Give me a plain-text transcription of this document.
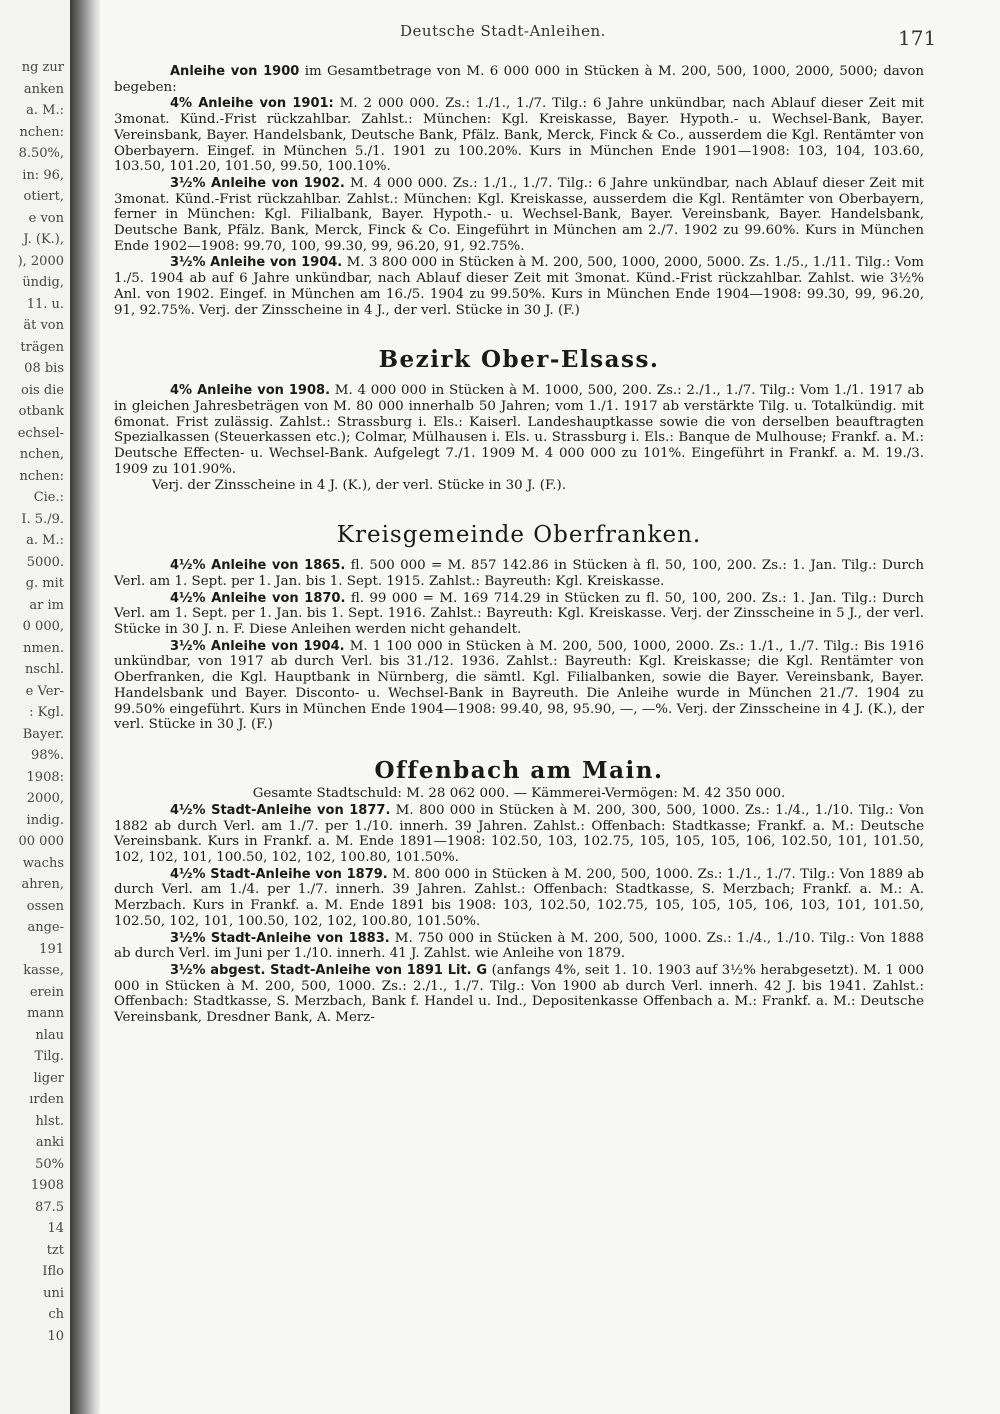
ng zur
anken
a. M.:
nchen:
8.50%,
in: 96,
otiert,
e von
J. (K.),
), 2000
ündig,
11. u.
ät von
trägen
08 bis
ois die
otbank
echsel-
nchen,
nchen:
Cie.:
I. 5./9.
a. M.:
5000.
g. mit
ar im
0 000,
nmen.
nschl.
e Ver-
: Kgl.
Bayer.
98%.
1908:
2000,
indig.
00 000
wachs
ahren,
ossen
ange-
191
kasse,
erein
mann
nlau
Tilg.
liger
ırden
hlst.
anki
50%
1908
87.5
14
tzt
Iflo
uni
ch
10
Deutsche Stadt-Anleihen.	171

Anleihe von 1900 im Gesamtbetrage von M. 6 000 000 in Stücken à M. 200, 500, 1000, 2000, 5000; davon begeben:

4% Anleihe von 1901: M. 2 000 000. Zs.: 1./1., 1./7. Tilg.: 6 Jahre unkündbar, nach Ablauf dieser Zeit mit 3monat. Künd.-Frist rückzahlbar. Zahlst.: München: Kgl. Kreiskasse, Bayer. Hypoth.- u. Wechsel-Bank, Bayer. Vereinsbank, Bayer. Handelsbank, Deutsche Bank, Pfälz. Bank, Merck, Finck & Co., ausserdem die Kgl. Rentämter von Oberbayern. Eingef. in München 5./1. 1901 zu 100.20%. Kurs in München Ende 1901—1908: 103, 104, 103.60, 103.50, 101.20, 101.50, 99.50, 100.10%.

3½% Anleihe von 1902. M. 4 000 000. Zs.: 1./1., 1./7. Tilg.: 6 Jahre unkündbar, nach Ablauf dieser Zeit mit 3monat. Künd.-Frist rückzahlbar. Zahlst.: München: Kgl. Kreiskasse, ausserdem die Kgl. Rentämter von Oberbayern, ferner in München: Kgl. Filialbank, Bayer. Hypoth.- u. Wechsel-Bank, Bayer. Vereinsbank, Bayer. Handelsbank, Deutsche Bank, Pfälz. Bank, Merck, Finck & Co. Eingeführt in München am 2./7. 1902 zu 99.60%. Kurs in München Ende 1902—1908: 99.70, 100, 99.30, 99, 96.20, 91, 92.75%.

3½% Anleihe von 1904. M. 3 800 000 in Stücken à M. 200, 500, 1000, 2000, 5000. Zs. 1./5., 1./11. Tilg.: Vom 1./5. 1904 ab auf 6 Jahre unkündbar, nach Ablauf dieser Zeit mit 3monat. Künd.-Frist rückzahlbar. Zahlst. wie 3½% Anl. von 1902. Eingef. in München am 16./5. 1904 zu 99.50%. Kurs in München Ende 1904—1908: 99.30, 99, 96.20, 91, 92.75%. Verj. der Zinsscheine in 4 J., der verl. Stücke in 30 J. (F.)

Bezirk Ober-Elsass.

4% Anleihe von 1908. M. 4 000 000 in Stücken à M. 1000, 500, 200. Zs.: 2./1., 1./7. Tilg.: Vom 1./1. 1917 ab in gleichen Jahresbeträgen von M. 80 000 innerhalb 50 Jahren; vom 1./1. 1917 ab verstärkte Tilg. u. Totalkündig. mit 6monat. Frist zulässig. Zahlst.: Strassburg i. Els.: Kaiserl. Landeshauptkasse sowie die von derselben beauftragten Spezialkassen (Steuerkassen etc.); Colmar, Mülhausen i. Els. u. Strassburg i. Els.: Banque de Mulhouse; Frankf. a. M.: Deutsche Effecten- u. Wechsel-Bank. Aufgelegt 7./1. 1909 M. 4 000 000 zu 101%. Eingeführt in Frankf. a. M. 19./3. 1909 zu 101.90%.

Verj. der Zinsscheine in 4 J. (K.), der verl. Stücke in 30 J. (F.).

Kreisgemeinde Oberfranken.

4½% Anleihe von 1865. fl. 500 000 = M. 857 142.86 in Stücken à fl. 50, 100, 200. Zs.: 1. Jan. Tilg.: Durch Verl. am 1. Sept. per 1. Jan. bis 1. Sept. 1915. Zahlst.: Bayreuth: Kgl. Kreiskasse.

4½% Anleihe von 1870. fl. 99 000 = M. 169 714.29 in Stücken zu fl. 50, 100, 200. Zs.: 1. Jan. Tilg.: Durch Verl. am 1. Sept. per 1. Jan. bis 1. Sept. 1916. Zahlst.: Bayreuth: Kgl. Kreiskasse. Verj. der Zinsscheine in 5 J., der verl. Stücke in 30 J. n. F. Diese Anleihen werden nicht gehandelt.

3½% Anleihe von 1904. M. 1 100 000 in Stücken à M. 200, 500, 1000, 2000. Zs.: 1./1., 1./7. Tilg.: Bis 1916 unkündbar, von 1917 ab durch Verl. bis 31./12. 1936. Zahlst.: Bayreuth: Kgl. Kreiskasse; die Kgl. Rentämter von Oberfranken, die Kgl. Hauptbank in Nürnberg, die sämtl. Kgl. Filialbanken, sowie die Bayer. Vereinsbank, Bayer. Handelsbank und Bayer. Disconto- u. Wechsel-Bank in Bayreuth. Die Anleihe wurde in München 21./7. 1904 zu 99.50% eingeführt. Kurs in München Ende 1904—1908: 99.40, 98, 95.90, —, —%. Verj. der Zinsscheine in 4 J. (K.), der verl. Stücke in 30 J. (F.)

Offenbach am Main.
Gesamte Stadtschuld: M. 28 062 000. — Kämmerei-Vermögen: M. 42 350 000.

4½% Stadt-Anleihe von 1877. M. 800 000 in Stücken à M. 200, 300, 500, 1000. Zs.: 1./4., 1./10. Tilg.: Von 1882 ab durch Verl. am 1./7. per 1./10. innerh. 39 Jahren. Zahlst.: Offenbach: Stadtkasse; Frankf. a. M.: Deutsche Vereinsbank. Kurs in Frankf. a. M. Ende 1891—1908: 102.50, 103, 102.75, 105, 105, 105, 106, 102.50, 101, 101.50, 102, 102, 101, 100.50, 102, 102, 100.80, 101.50%.

4½% Stadt-Anleihe von 1879. M. 800 000 in Stücken à M. 200, 500, 1000. Zs.: 1./1., 1./7. Tilg.: Von 1889 ab durch Verl. am 1./4. per 1./7. innerh. 39 Jahren. Zahlst.: Offenbach: Stadtkasse, S. Merzbach; Frankf. a. M.: A. Merzbach. Kurs in Frankf. a. M. Ende 1891 bis 1908: 103, 102.50, 102.75, 105, 105, 105, 106, 103, 101, 101.50, 102.50, 102, 101, 100.50, 102, 102, 100.80, 101.50%.

3½% Stadt-Anleihe von 1883. M. 750 000 in Stücken à M. 200, 500, 1000. Zs.: 1./4., 1./10. Tilg.: Von 1888 ab durch Verl. im Juni per 1./10. innerh. 41 J. Zahlst. wie Anleihe von 1879.

3½% abgest. Stadt-Anleihe von 1891 Lit. G (anfangs 4%, seit 1. 10. 1903 auf 3½% herabgesetzt). M. 1 000 000 in Stücken à M. 200, 500, 1000. Zs.: 2./1., 1./7. Tilg.: Von 1900 ab durch Verl. innerh. 42 J. bis 1941. Zahlst.: Offenbach: Stadtkasse, S. Merzbach, Bank f. Handel u. Ind., Depositenkasse Offenbach a. M.: Frankf. a. M.: Deutsche Vereinsbank, Dresdner Bank, A. Merz-
